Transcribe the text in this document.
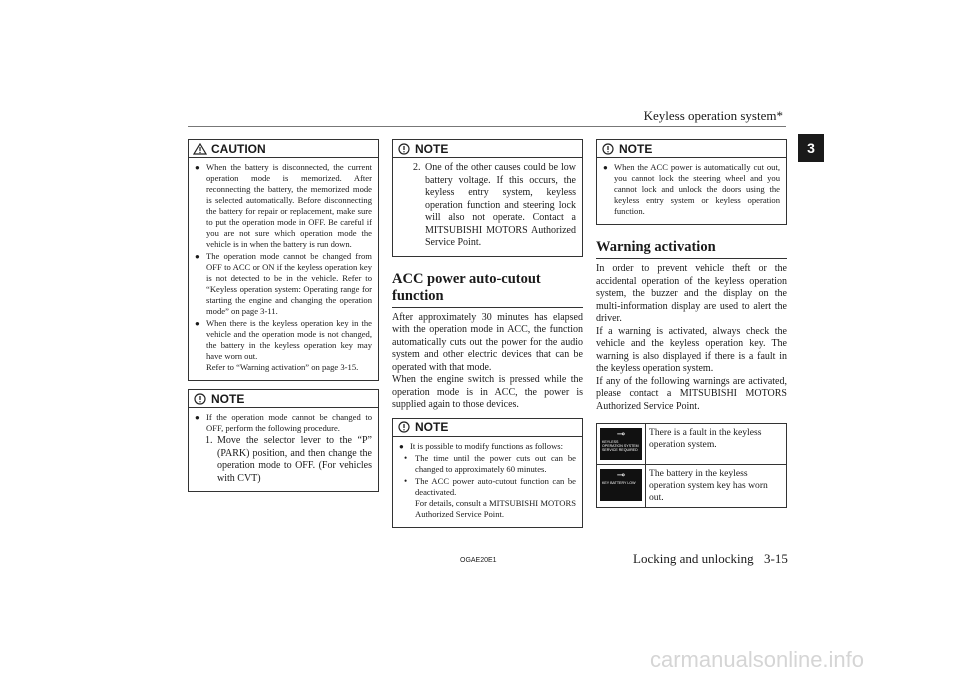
Keyless operation system*
3
CAUTION
● When the battery is disconnected, the current operation mode is memorized. After reconnecting the battery, the memorized mode is selected automatically. Before disconnecting the battery for repair or replacement, make sure to put the operation mode in OFF. Be careful if you are not sure which operation mode the vehicle is in when the battery is run down.
● The operation mode cannot be changed from OFF to ACC or ON if the keyless operation key is not detected to be in the vehicle. Refer to “Keyless operation system: Operating range for starting the engine and changing the operation mode” on page 3-11.
● When there is the keyless operation key in the vehicle and the operation mode is not changed, the battery in the keyless operation key may have worn out.
Refer to “Warning activation” on page 3-15.
NOTE
● If the operation mode cannot be changed to OFF, perform the following procedure.
1. Move the selector lever to the “P” (PARK) position, and then change the operation mode to OFF. (For vehicles with CVT)
NOTE
2. One of the other causes could be low battery voltage. If this occurs, the keyless entry system, keyless operation function and steering lock will also not operate. Contact a MITSUBISHI MOTORS Authorized Service Point.
ACC power auto-cutout function

After approximately 30 minutes has elapsed with the operation mode in ACC, the function automatically cuts out the power for the audio system and other electric devices that can be operated with that mode.

When the engine switch is pressed while the operation mode is in ACC, the power is supplied again to those devices.

NOTE
● It is possible to modify functions as follows:
• The time until the power cuts out can be changed to approximately 60 minutes.
• The ACC power auto-cutout function can be deactivated.
For details, consult a MITSUBISHI MOTORS Authorized Service Point.
NOTE
● When the ACC power is automatically cut out, you cannot lock the steering wheel and you cannot lock and unlock the doors using the keyless entry system or keyless operation function.
Warning activation

In order to prevent vehicle theft or the accidental operation of the keyless operation system, the buzzer and the display on the multi-information display are used to alert the driver.

If a warning is activated, always check the vehicle and the keyless operation key. The warning is also displayed if there is a fault in the keyless operation system.

If any of the following warnings are activated, please contact a MITSUBISHI MOTORS Authorized Service Point.

⊸
KEYLESS OPERATION SYSTEM SERVICE REQUIRED	There is a fault in the keyless operation system.

⊸
KEY BATTERY LOW	The battery in the keyless operation system key has worn out.
OGAE20E1	Locking and unlocking 3-15
carmanualsonline.info
